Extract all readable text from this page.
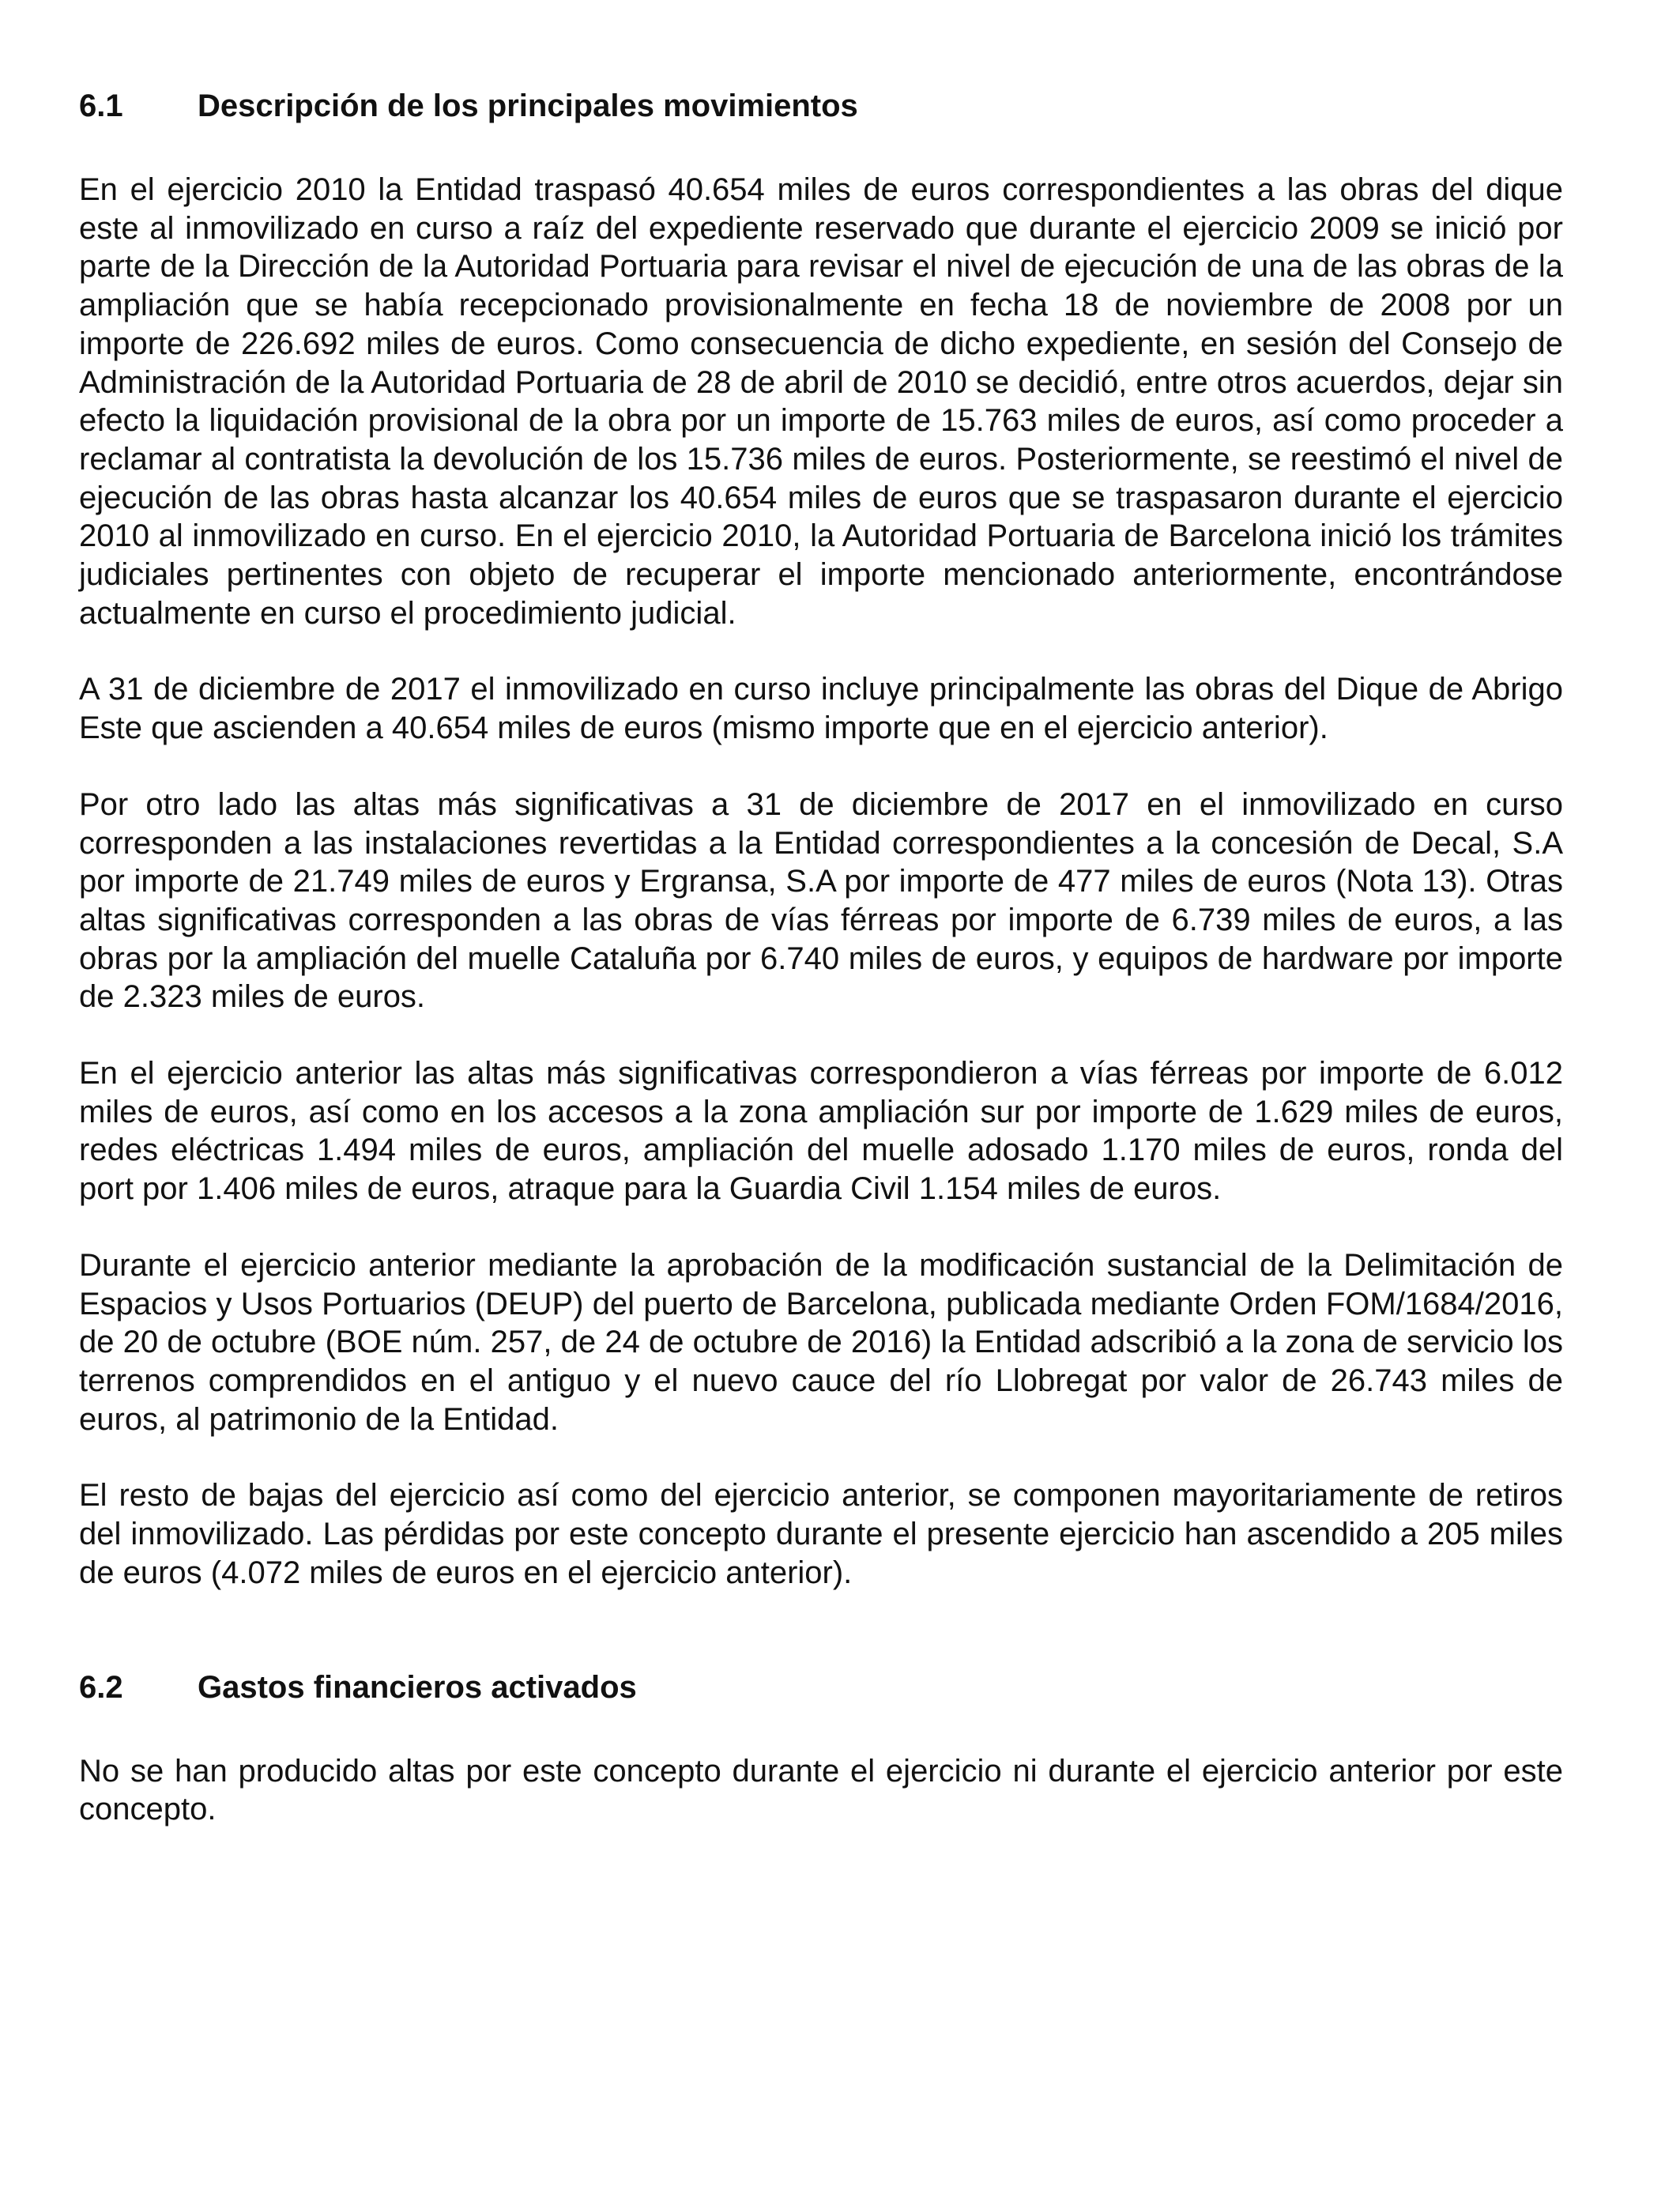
6.1	Descripción de los principales movimientos

En el ejercicio 2010 la Entidad traspasó 40.654 miles de euros correspondientes a las obras del dique este al inmovilizado en curso a raíz del expediente reservado que durante el ejercicio 2009 se inició por parte de la Dirección de la Autoridad Portuaria para revisar el nivel de ejecución de una de las obras de la ampliación que se había recepcionado provisionalmente en fecha 18 de noviembre de 2008 por un importe de 226.692 miles de euros. Como consecuencia de dicho expediente, en sesión del Consejo de Administración de la Autoridad Portuaria de 28 de abril de 2010 se decidió, entre otros acuerdos, dejar sin efecto la liquidación provisional de la obra por un importe de 15.763 miles de euros, así como proceder a reclamar al contratista la devolución de los 15.736 miles de euros. Posteriormente, se reestimó el nivel de ejecución de las obras hasta alcanzar los 40.654 miles de euros que se traspasaron durante el ejercicio 2010 al inmovilizado en curso. En el ejercicio 2010, la Autoridad Portuaria de Barcelona inició los trámites judiciales pertinentes con objeto de recuperar el importe mencionado anteriormente, encontrándose actualmente en curso el procedimiento judicial.

A 31 de diciembre de 2017 el inmovilizado en curso incluye principalmente las obras del Dique de Abrigo Este que ascienden a 40.654 miles de euros (mismo importe que en el ejercicio anterior).

Por otro lado las altas más significativas a 31 de diciembre de 2017 en el inmovilizado en curso corresponden a las instalaciones revertidas a la Entidad correspondientes a la concesión de Decal, S.A por importe de 21.749 miles de euros y Ergransa, S.A por importe de 477 miles de euros (Nota 13). Otras altas significativas corresponden a las obras de vías férreas por importe de 6.739 miles de euros, a las obras por la ampliación del muelle Cataluña por 6.740 miles de euros, y equipos de hardware por importe de 2.323 miles de euros.

En el ejercicio anterior las altas más significativas correspondieron a vías férreas por importe de 6.012 miles de euros, así como en los accesos a la zona ampliación sur por importe de 1.629 miles de euros, redes eléctricas 1.494 miles de euros, ampliación del muelle adosado 1.170 miles de euros, ronda del port por 1.406 miles de euros, atraque para la Guardia Civil 1.154 miles de euros.

Durante el ejercicio anterior mediante la aprobación de la modificación sustancial de la Delimitación de Espacios y Usos Portuarios (DEUP) del puerto de Barcelona, publicada mediante Orden FOM/1684/2016, de 20 de octubre (BOE núm. 257, de 24 de octubre de 2016) la Entidad adscribió a la zona de servicio los terrenos comprendidos en el antiguo y el nuevo cauce del río Llobregat por valor de 26.743 miles de euros, al patrimonio de la Entidad.

El resto de bajas del ejercicio así como del ejercicio anterior, se componen mayoritariamente de retiros del inmovilizado. Las pérdidas por este concepto durante el presente ejercicio han ascendido a 205 miles de euros (4.072 miles de euros en el ejercicio anterior).

6.2	Gastos financieros activados

No se han producido altas por este concepto durante el ejercicio ni durante el ejercicio anterior por este concepto.
